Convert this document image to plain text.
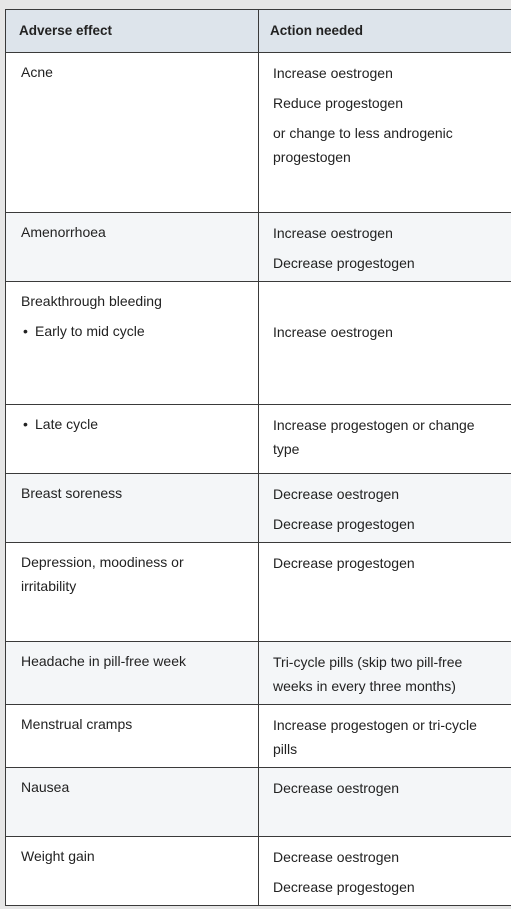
Adverse effect	Action needed

Acne	Increase oestrogen
Reduce progestogen
or change to less androgenic progestogen

Amenorrhoea	Increase oestrogen
Decrease progestogen

Breakthrough bleeding
• Early to mid cycle	Increase oestrogen

• Late cycle	Increase progestogen or change type

Breast soreness	Decrease oestrogen
Decrease progestogen

Depression, moodiness or irritability	Decrease progestogen

Headache in pill-free week	Tri-cycle pills (skip two pill-free weeks in every three months)

Menstrual cramps	Increase progestogen or tri-cycle pills

Nausea	Decrease oestrogen

Weight gain	Decrease oestrogen
Decrease progestogen
